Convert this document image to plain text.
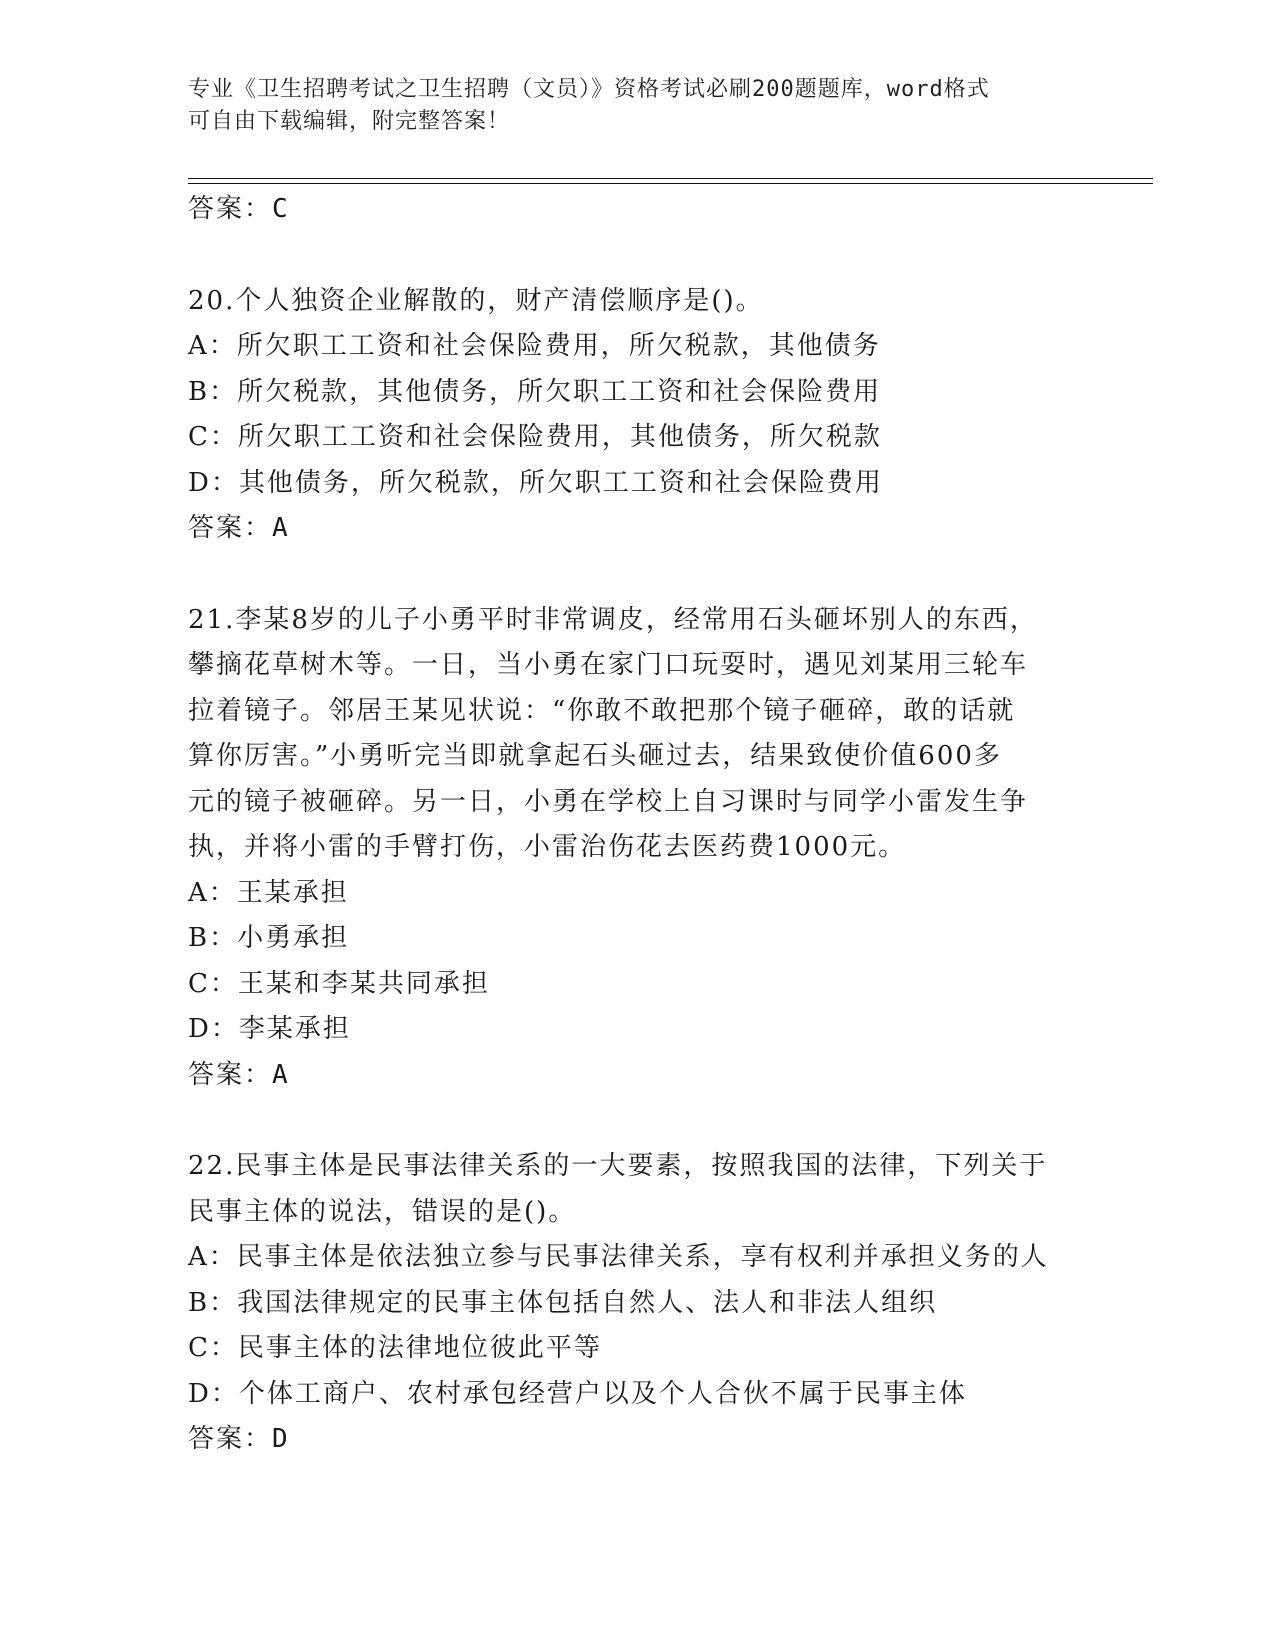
专业《卫生招聘考试之卫生招聘（文员）》资格考试必刷200题题库，word格式
可自由下载编辑，附完整答案！
答案：C
20.个人独资企业解散的，财产清偿顺序是()。
A：所欠职工工资和社会保险费用，所欠税款，其他债务
B：所欠税款，其他债务，所欠职工工资和社会保险费用
C：所欠职工工资和社会保险费用，其他债务，所欠税款
D：其他债务，所欠税款，所欠职工工资和社会保险费用
答案：A
21.李某8岁的儿子小勇平时非常调皮，经常用石头砸坏别人的东西，
攀摘花草树木等。一日，当小勇在家门口玩耍时，遇见刘某用三轮车
拉着镜子。邻居王某见状说：“你敢不敢把那个镜子砸碎，敢的话就
算你厉害。”小勇听完当即就拿起石头砸过去，结果致使价值600多
元的镜子被砸碎。另一日，小勇在学校上自习课时与同学小雷发生争
执，并将小雷的手臂打伤，小雷治伤花去医药费1000元。
A：王某承担
B：小勇承担
C：王某和李某共同承担
D：李某承担
答案：A
22.民事主体是民事法律关系的一大要素，按照我国的法律，下列关于
民事主体的说法，错误的是()。
A：民事主体是依法独立参与民事法律关系，享有权利并承担义务的人
B：我国法律规定的民事主体包括自然人、法人和非法人组织
C：民事主体的法律地位彼此平等
D：个体工商户、农村承包经营户以及个人合伙不属于民事主体
答案：D
